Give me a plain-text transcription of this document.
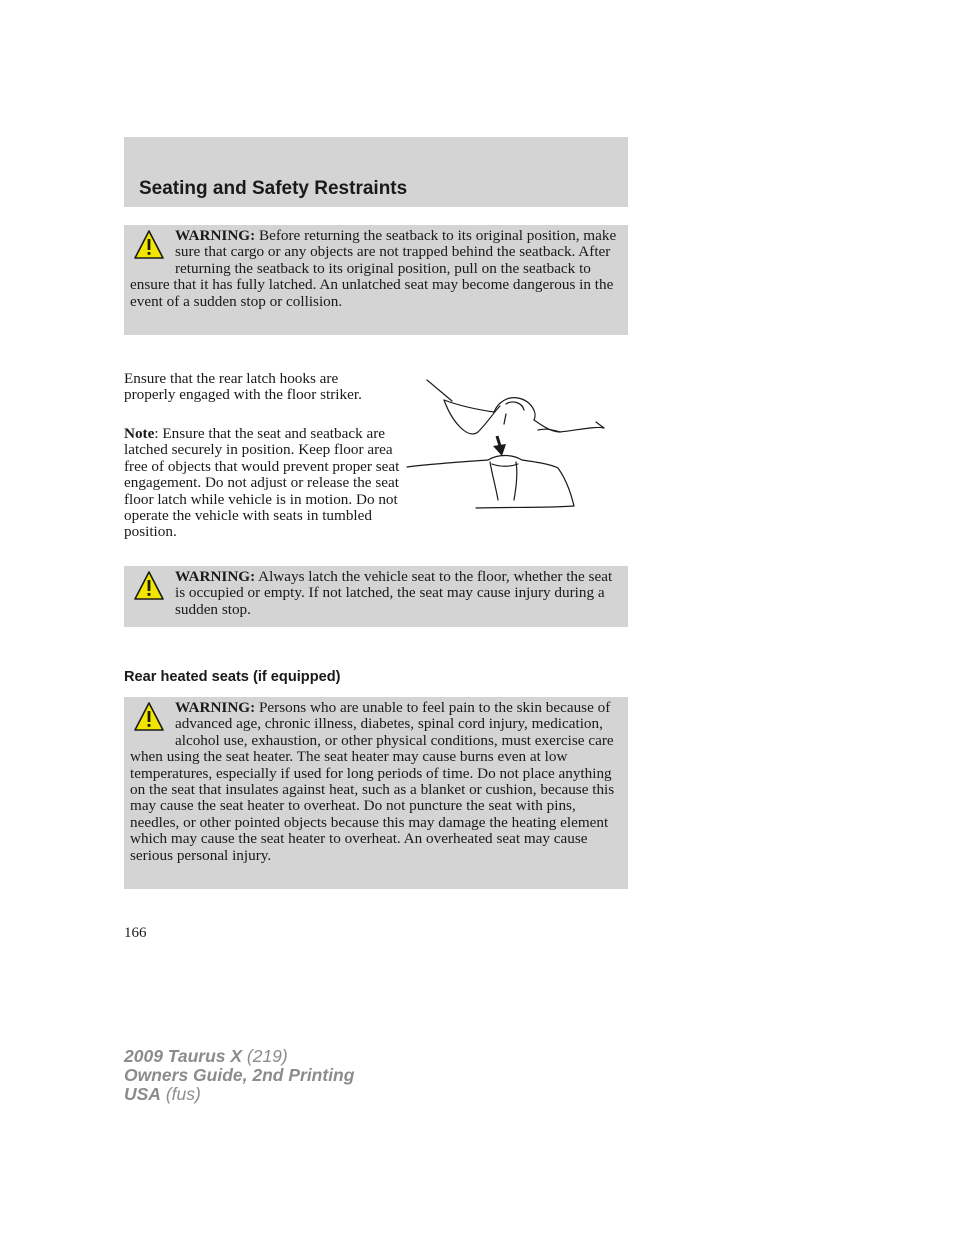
Seating and Safety Restraints
WARNING: Before returning the seatback to its original position, make sure that cargo or any objects are not trapped behind the seatback. After returning the seatback to its original position, pull on the seatback to ensure that it has fully latched. An unlatched seat may become dangerous in the event of a sudden stop or collision.

Ensure that the rear latch hooks are properly engaged with the floor striker.

Note: Ensure that the seat and seatback are latched securely in position. Keep floor area free of objects that would prevent proper seat engagement. Do not adjust or release the seat floor latch while vehicle is in motion. Do not operate the vehicle with seats in tumbled position.

WARNING: Always latch the vehicle seat to the floor, whether the seat is occupied or empty. If not latched, the seat may cause injury during a sudden stop.
Rear heated seats (if equipped)
WARNING: Persons who are unable to feel pain to the skin because of advanced age, chronic illness, diabetes, spinal cord injury, medication, alcohol use, exhaustion, or other physical conditions, must exercise care when using the seat heater. The seat heater may cause burns even at low temperatures, especially if used for long periods of time. Do not place anything on the seat that insulates against heat, such as a blanket or cushion, because this may cause the seat heater to overheat. Do not puncture the seat with pins, needles, or other pointed objects because this may damage the heating element which may cause the seat heater to overheat. An overheated seat may cause serious personal injury.
166
2009 Taurus X (219)
Owners Guide, 2nd Printing
USA (fus)
